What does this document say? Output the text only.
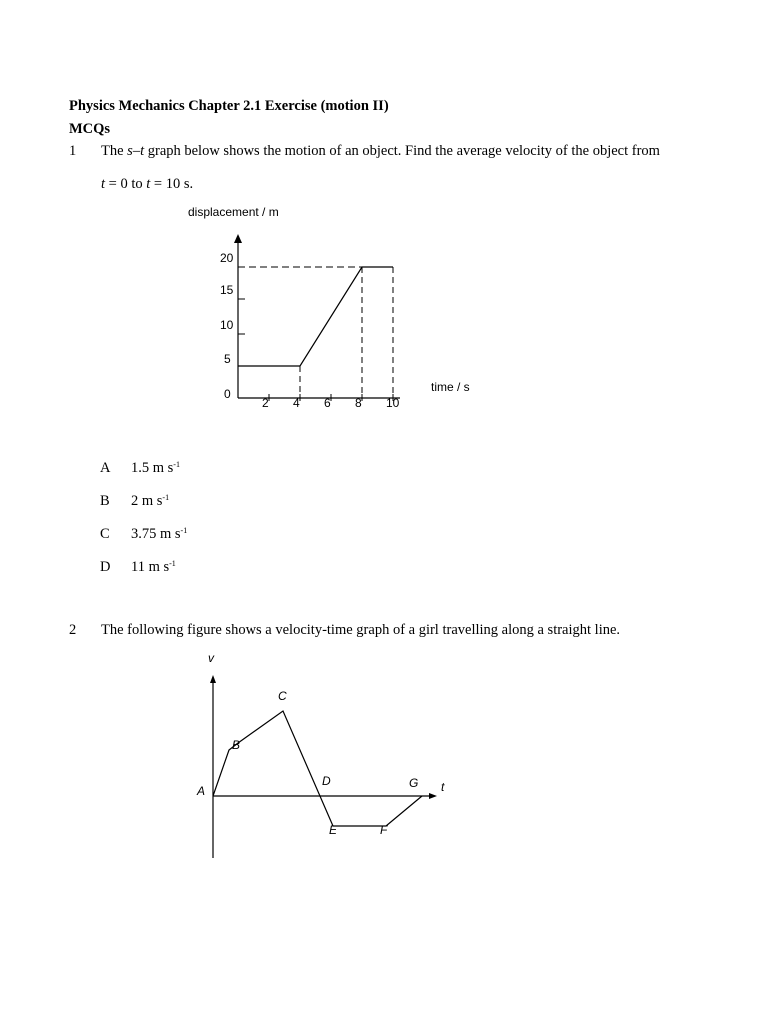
Physics Mechanics Chapter 2.1 Exercise (motion II)
MCQs
1 The s–t graph below shows the motion of an object. Find the average velocity of the object from
t = 0 to t = 10 s.
displacement / m
time / s
20
15
10
5
0
2 4 6 8 10
A 1.5 m $s^{-1}$
B 2 m $s^{-1}$
C 3.75 m $s^{-1}$
D 11 m $s^{-1}$
2 The following figure shows a velocity-time graph of a girl travelling along a straight line.
v
t
A
B
C
D
E	F
G
